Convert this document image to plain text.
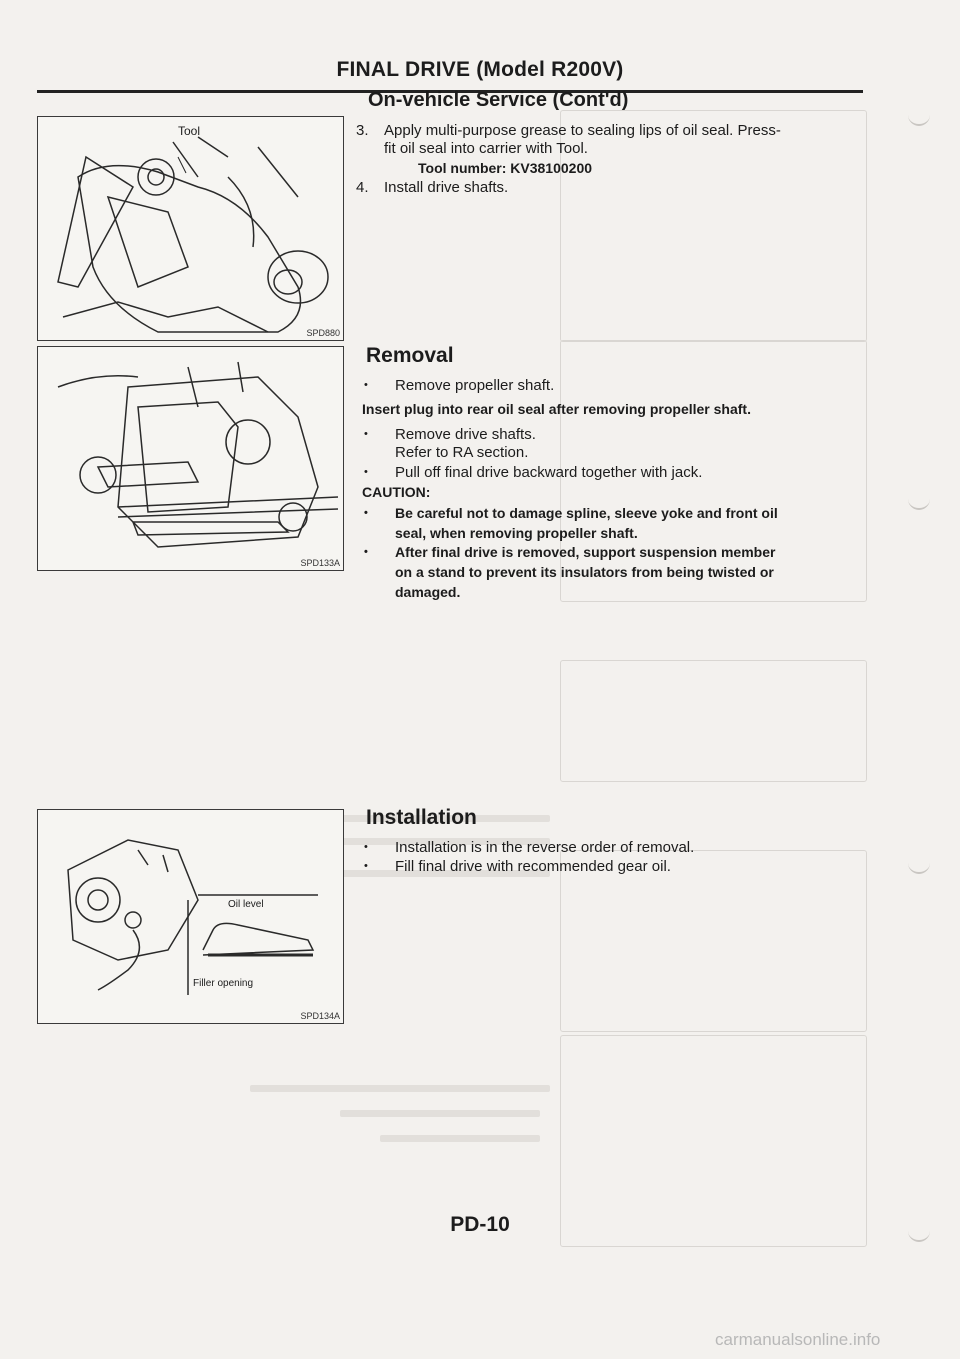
FINAL DRIVE (Model R200V)
On-vehicle Service (Cont'd)
Tool
SPD880
3. Apply multi-purpose grease to sealing lips of oil seal. Press-
fit oil seal into carrier with Tool.
Tool number: KV38100200
4. Install drive shafts.
SPD133A
Removal
• Remove propeller shaft.
Insert plug into rear oil seal after removing propeller shaft.
• Remove drive shafts.
Refer to RA section.
• Pull off final drive backward together with jack.
CAUTION:
• Be careful not to damage spline, sleeve yoke and front oil
seal, when removing propeller shaft.
• After final drive is removed, support suspension member
on a stand to prevent its insulators from being twisted or
damaged.
Oil level
Filler opening
SPD134A
Installation
• Installation is in the reverse order of removal.
• Fill final drive with recommended gear oil.
PD-10
carmanualsonline.info
